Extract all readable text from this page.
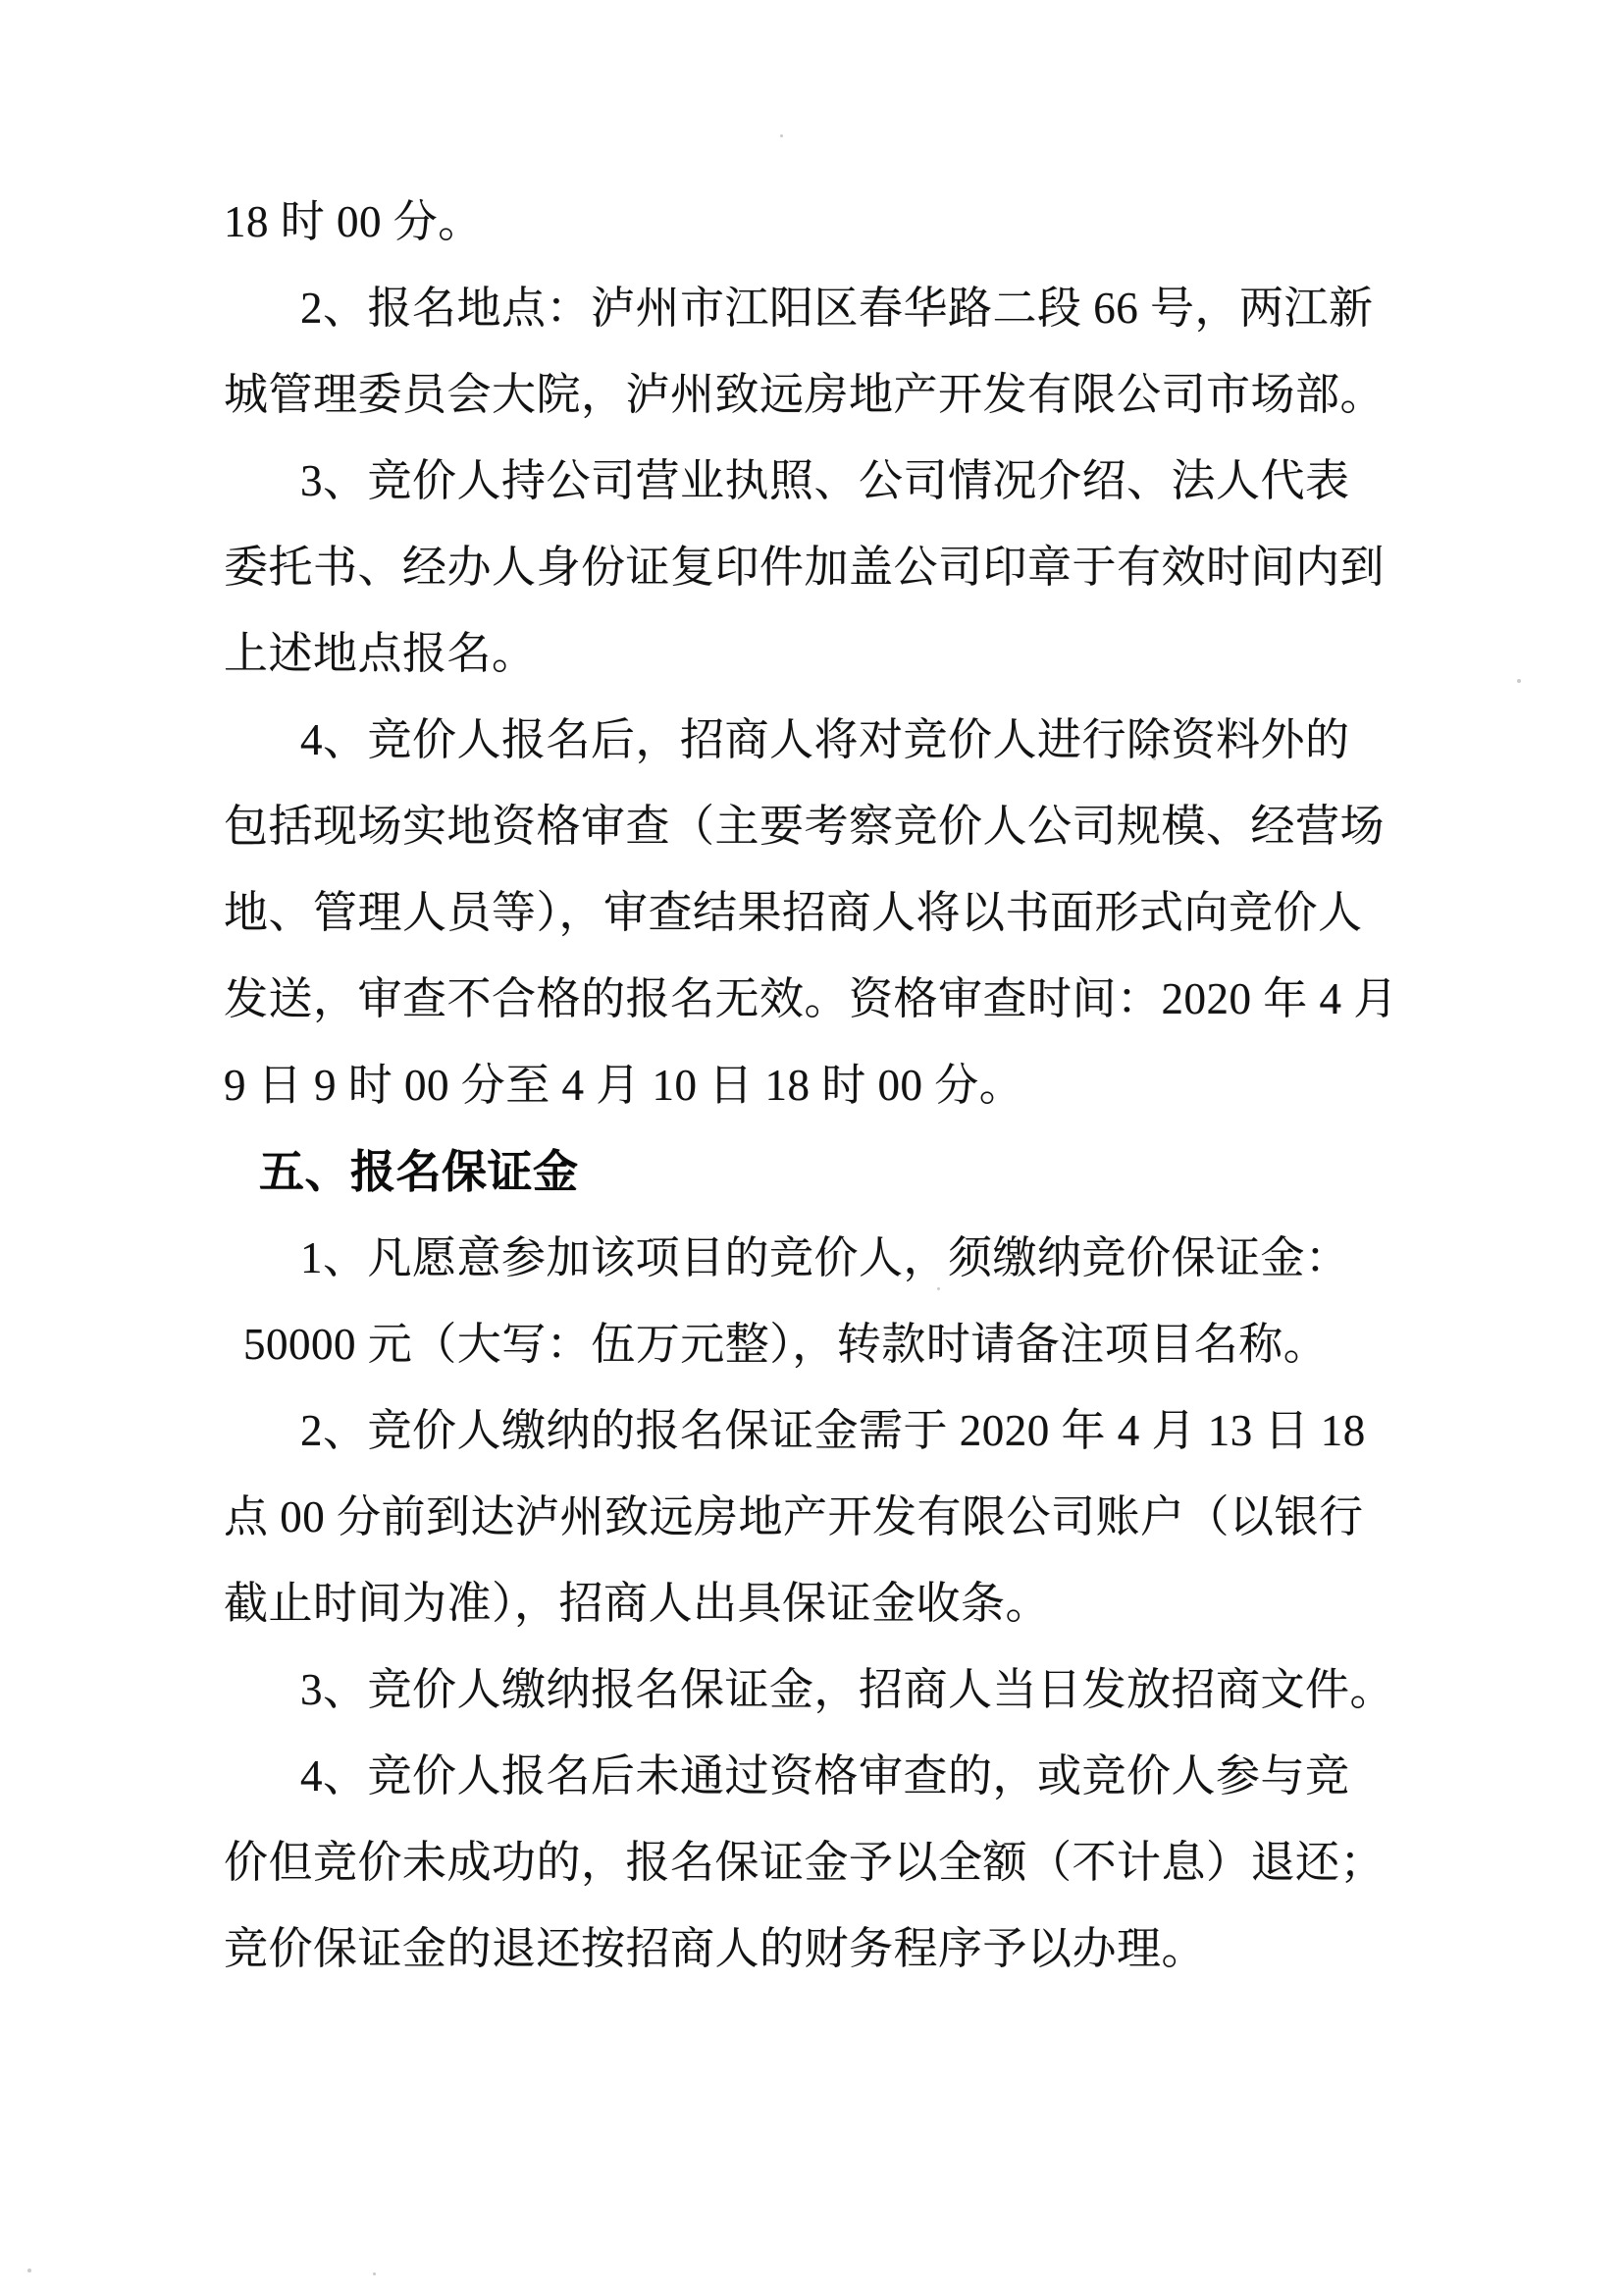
18 时 00 分。
2、报名地点：泸州市江阳区春华路二段 66 号，两江新
城管理委员会大院，泸州致远房地产开发有限公司市场部。
3、竞价人持公司营业执照、公司情况介绍、法人代表
委托书、经办人身份证复印件加盖公司印章于有效时间内到
上述地点报名。
4、竞价人报名后，招商人将对竞价人进行除资料外的
包括现场实地资格审查（主要考察竞价人公司规模、经营场
地、管理人员等），审查结果招商人将以书面形式向竞价人
发送，审查不合格的报名无效。资格审查时间：2020 年 4 月
9 日 9 时 00 分至 4 月 10 日 18 时 00 分。
五、报名保证金
1、凡愿意参加该项目的竞价人，须缴纳竞价保证金：
50000 元（大写：伍万元整），转款时请备注项目名称。
2、竞价人缴纳的报名保证金需于 2020 年 4 月 13 日 18
点 00 分前到达泸州致远房地产开发有限公司账户（以银行
截止时间为准），招商人出具保证金收条。
3、竞价人缴纳报名保证金，招商人当日发放招商文件。
4、竞价人报名后未通过资格审查的，或竞价人参与竞
价但竞价未成功的，报名保证金予以全额（不计息）退还；
竞价保证金的退还按招商人的财务程序予以办理。
